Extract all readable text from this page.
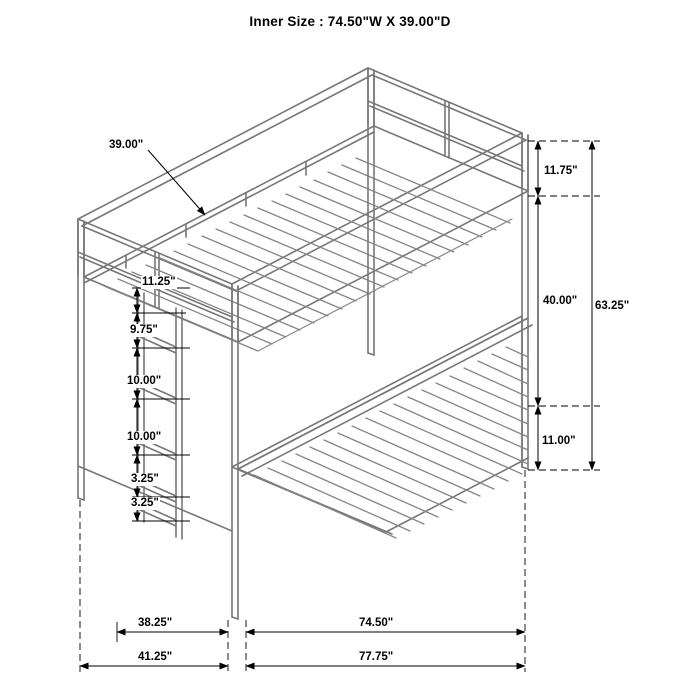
Inner Size : 74.50"W X 39.00"D
39.00"
11.25"
9.75"
10.00"
10.00"
3.25"
3.25"
11.75"
40.00"
11.00"
63.25"
38.25"	74.50"
41.25"	77.75"
